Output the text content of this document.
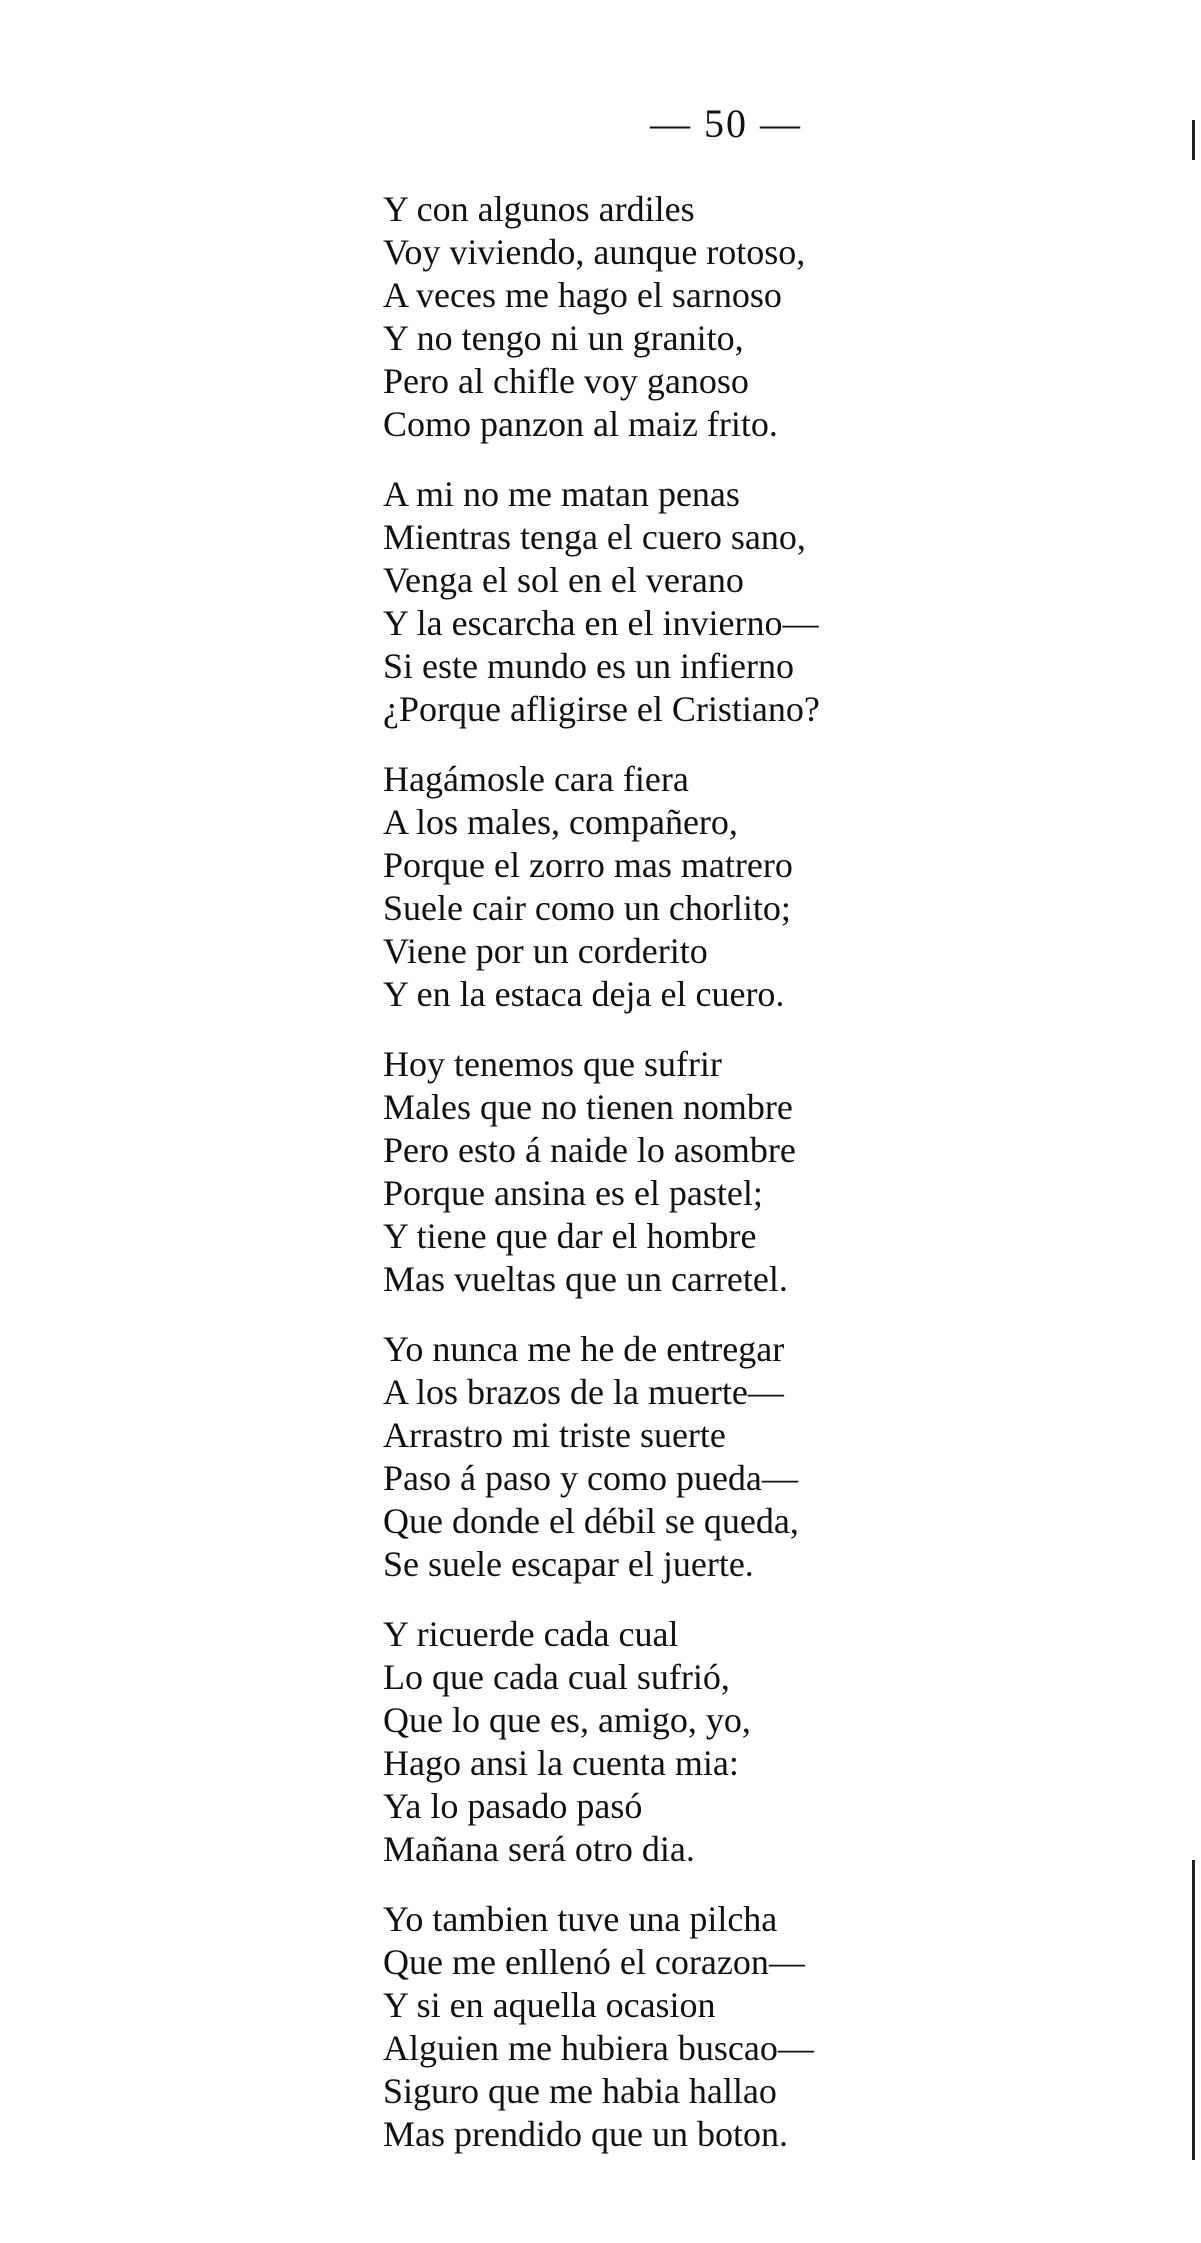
— 50 —
Y con algunos ardiles
Voy viviendo, aunque rotoso,
A veces me hago el sarnoso
Y no tengo ni un granito,
Pero al chifle voy ganoso
Como panzon al maiz frito.
A mi no me matan penas
Mientras tenga el cuero sano,
Venga el sol en el verano
Y la escarcha en el invierno—
Si este mundo es un infierno
¿Porque afligirse el Cristiano?
Hagámosle cara fiera
A los males, compañero,
Porque el zorro mas matrero
Suele cair como un chorlito;
Viene por un corderito
Y en la estaca deja el cuero.
Hoy tenemos que sufrir
Males que no tienen nombre
Pero esto á naide lo asombre
Porque ansina es el pastel;
Y tiene que dar el hombre
Mas vueltas que un carretel.
Yo nunca me he de entregar
A los brazos de la muerte—
Arrastro mi triste suerte
Paso á paso y como pueda—
Que donde el débil se queda,
Se suele escapar el juerte.
Y ricuerde cada cual
Lo que cada cual sufrió,
Que lo que es, amigo, yo,
Hago ansi la cuenta mia:
Ya lo pasado pasó
Mañana será otro dia.
Yo tambien tuve una pilcha
Que me enllenó el corazon—
Y si en aquella ocasion
Alguien me hubiera buscao—
Siguro que me habia hallao
Mas prendido que un boton.
